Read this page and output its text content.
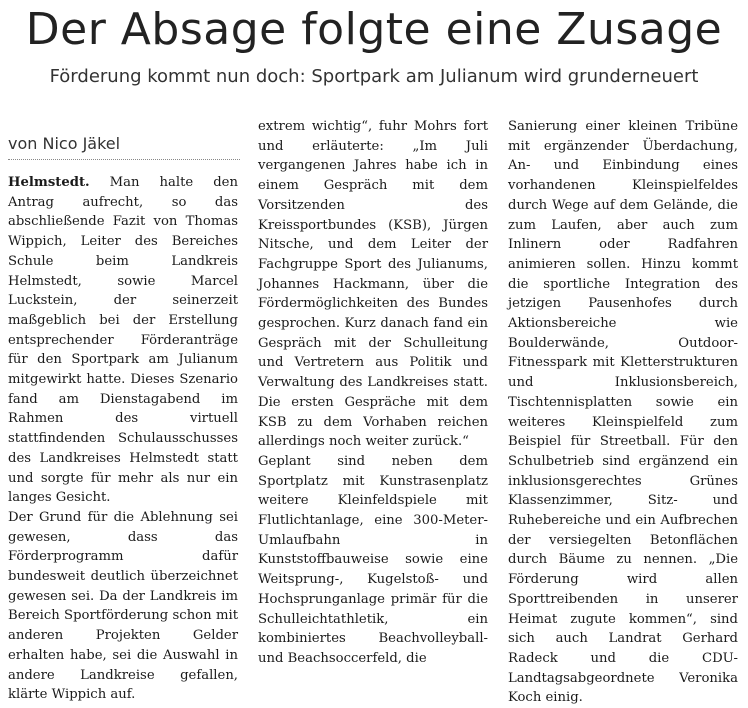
Der Absage folgte eine Zusage
Förderung kommt nun doch: Sportpark am Julianum wird grunderneuert
von Nico Jäkel

Helmstedt. Man halte den Antrag aufrecht, so das abschließende Fazit von Thomas Wippich, Leiter des Bereiches Schule beim Landkreis Helmstedt, sowie Marcel Luckstein, der seinerzeit maßgeblich bei der Erstellung entsprechender Förderanträge für den Sportpark am Julianum mitgewirkt hatte. Dieses Szenario fand am Dienstagabend im Rahmen des virtuell stattfindenden Schulausschusses des Landkreises Helmstedt statt und sorgte für mehr als nur ein langes Gesicht.

Der Grund für die Ablehnung sei gewesen, dass das Förderprogramm dafür bundesweit deutlich überzeichnet gewesen sei. Da der Landkreis im Bereich Sportförderung schon mit anderen Projekten Gelder erhalten habe, sei die Auswahl in andere Landkreise gefallen, klärte Wippich auf.

extrem wichtig“, fuhr Mohrs fort und erläuterte: „Im Juli vergangenen Jahres habe ich in einem Gespräch mit dem Vorsitzenden des Kreissportbundes (KSB), Jürgen Nitsche, und dem Leiter der Fachgruppe Sport des Julianums, Johannes Hackmann, über die Fördermöglichkeiten des Bundes gesprochen. Kurz danach fand ein Gespräch mit der Schulleitung und Vertretern aus Politik und Verwaltung des Landkreises statt. Die ersten Gespräche mit dem KSB zu dem Vorhaben reichen allerdings noch weiter zurück.“

Geplant sind neben dem Sportplatz mit Kunstrasenplatz weitere Kleinfeldspiele mit Flutlichtanlage, eine 300-Meter-Umlaufbahn in Kunststoffbauweise sowie eine Weitsprung-, Kugelstoß- und Hochsprunganlage primär für die Schulleichtathletik, ein kombiniertes Beachvolleyball- und Beachsoccerfeld, die

Sanierung einer kleinen Tribüne mit ergänzender Überdachung, An- und Einbindung eines vorhandenen Kleinspielfeldes durch Wege auf dem Gelände, die zum Laufen, aber auch zum Inlinern oder Radfahren animieren sollen. Hinzu kommt die sportliche Integration des jetzigen Pausenhofes durch Aktionsbereiche wie Boulderwände, Outdoor-Fitnesspark mit Kletterstrukturen und Inklusionsbereich, Tischtennisplatten sowie ein weiteres Kleinspielfeld zum Beispiel für Streetball. Für den Schulbetrieb sind ergänzend ein inklusionsgerechtes Grünes Klassenzimmer, Sitz- und Ruhebereiche und ein Aufbrechen der versiegelten Betonflächen durch Bäume zu nennen. „Die Förderung wird allen Sporttreibenden in unserer Heimat zugute kommen“, sind sich auch Landrat Gerhard Radeck und die CDU-Landtagsabgeordnete Veronika Koch einig.
